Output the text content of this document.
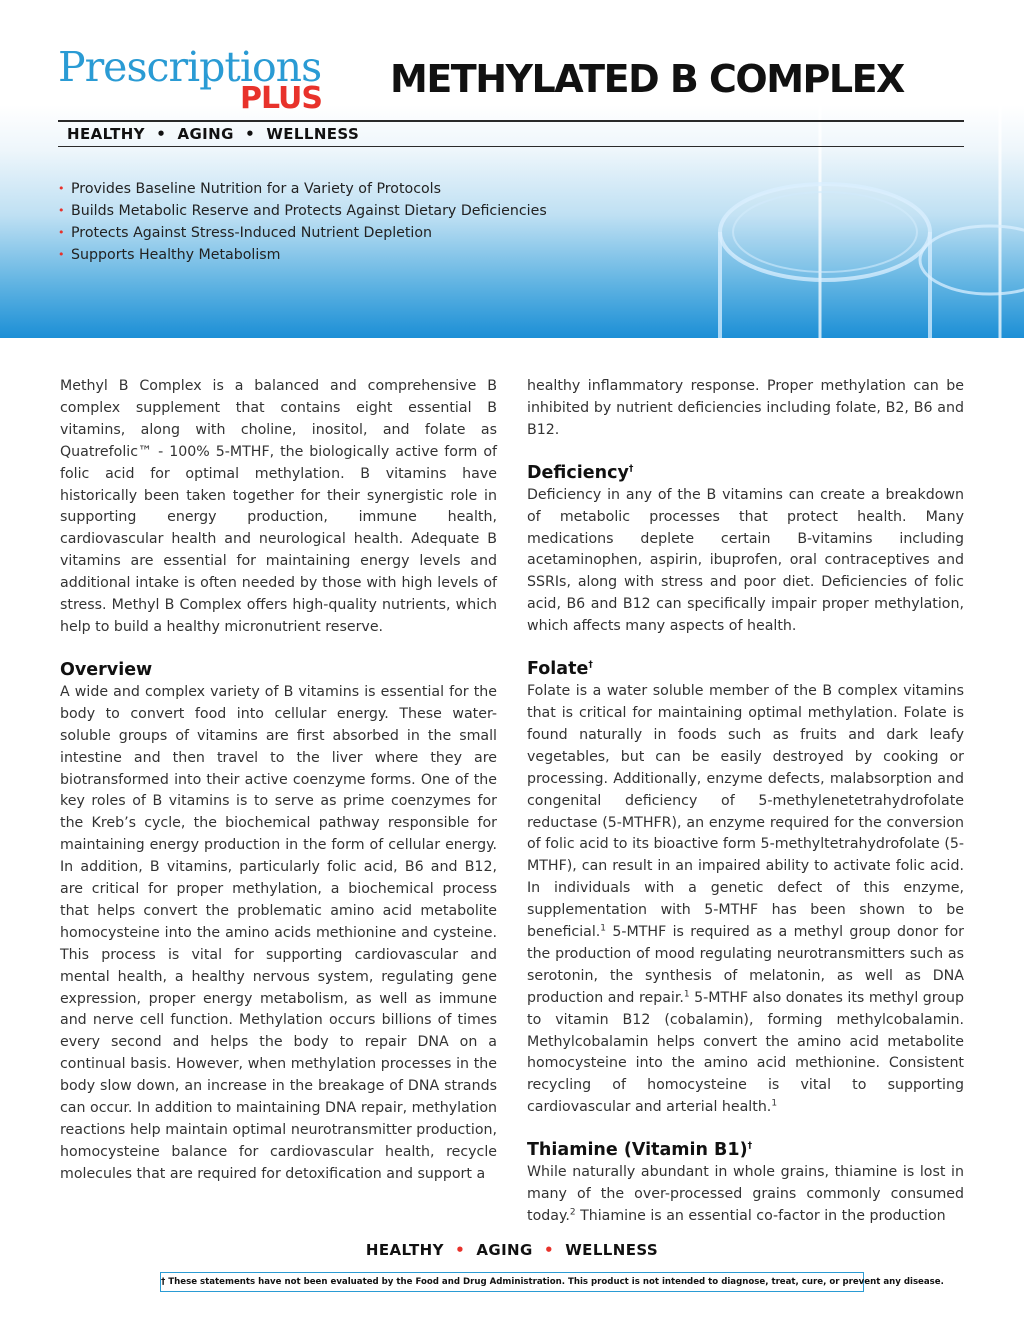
Prescriptions
PLUS METHYLATED B COMPLEX
HEALTHY • AGING • WELLNESS
• Provides Baseline Nutrition for a Variety of Protocols
• Builds Metabolic Reserve and Protects Against Dietary Deficiencies
• Protects Against Stress-Induced Nutrient Depletion
• Supports Healthy Metabolism

Methyl B Complex is a balanced and comprehensive B complex supplement that contains eight essential B vitamins, along with choline, inositol, and folate as Quatrefolic™ - 100% 5-MTHF, the biologically active form of folic acid for optimal methylation. B vitamins have historically been taken together for their synergistic role in supporting energy production, immune health, cardiovascular health and neurological health. Adequate B vitamins are essential for maintaining energy levels and additional intake is often needed by those with high levels of stress. Methyl B Complex offers high-quality nutrients, which help to build a healthy micronutrient reserve.

Overview

A wide and complex variety of B vitamins is essential for the body to convert food into cellular energy. These water-soluble groups of vitamins are first absorbed in the small intestine and then travel to the liver where they are biotransformed into their active coenzyme forms. One of the key roles of B vitamins is to serve as prime coenzymes for the Kreb’s cycle, the biochemical pathway responsible for maintaining energy production in the form of cellular energy. In addition, B vitamins, particularly folic acid, B6 and B12, are critical for proper methylation, a biochemical process that helps convert the problematic amino acid metabolite homocysteine into the amino acids methionine and cysteine. This process is vital for supporting cardiovascular and mental health, a healthy nervous system, regulating gene expression, proper energy metabolism, as well as immune and nerve cell function. Methylation occurs billions of times every second and helps the body to repair DNA on a continual basis. However, when methylation processes in the body slow down, an increase in the breakage of DNA strands can occur. In addition to maintaining DNA repair, methylation reactions help maintain optimal neurotransmitter production, homocysteine balance for cardiovascular health, recycle molecules that are required for detoxification and support a

healthy inflammatory response. Proper methylation can be inhibited by nutrient deficiencies including folate, B2, B6 and B12.

Deficiency†

Deficiency in any of the B vitamins can create a breakdown of metabolic processes that protect health. Many medications deplete certain B-vitamins including acetaminophen, aspirin, ibuprofen, oral contraceptives and SSRIs, along with stress and poor diet. Deficiencies of folic acid, B6 and B12 can specifically impair proper methylation, which affects many aspects of health.

Folate†

Folate is a water soluble member of the B complex vitamins that is critical for maintaining optimal methylation. Folate is found naturally in foods such as fruits and dark leafy vegetables, but can be easily destroyed by cooking or processing. Additionally, enzyme defects, malabsorption and congenital deficiency of 5-methylenetetrahydrofolate reductase (5-MTHFR), an enzyme required for the conversion of folic acid to its bioactive form 5-methyltetrahydrofolate (5-MTHF), can result in an impaired ability to activate folic acid. In individuals with a genetic defect of this enzyme, supplementation with 5-MTHF has been shown to be beneficial.$^1$ 5-MTHF is required as a methyl group donor for the production of mood regulating neurotransmitters such as serotonin, the synthesis of melatonin, as well as DNA production and repair.$^1$ 5-MTHF also donates its methyl group to vitamin B12 (cobalamin), forming methylcobalamin. Methylcobalamin helps convert the amino acid metabolite homocysteine into the amino acid methionine. Consistent recycling of homocysteine is vital to supporting cardiovascular and arterial health.$^1$

Thiamine (Vitamin B1)†

While naturally abundant in whole grains, thiamine is lost in many of the over-processed grains commonly consumed today.$^2$ Thiamine is an essential co-factor in the production

HEALTHY • AGING • WELLNESS
† These statements have not been evaluated by the Food and Drug Administration. This product is not intended to diagnose, treat, cure, or prevent any disease.
